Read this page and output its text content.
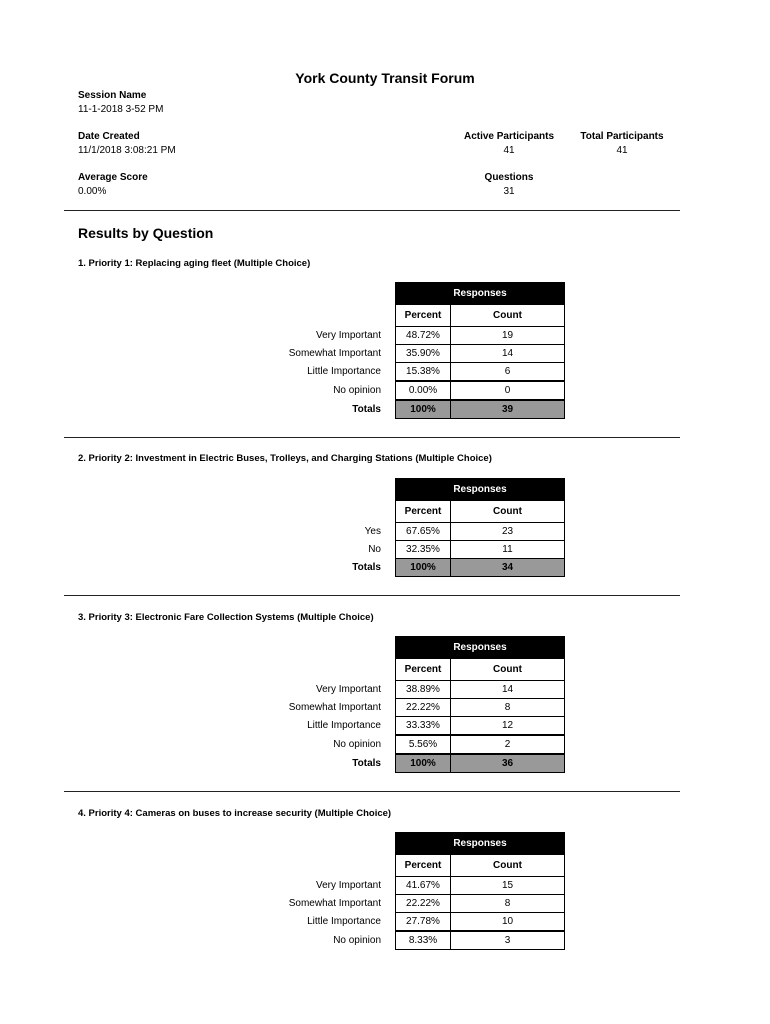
York County Transit Forum
Session Name
11-1-2018 3-52 PM
Date Created
11/1/2018 3:08:21 PM
Active Participants
41
Total Participants
41
Average Score
0.00%
Questions
31
Results by Question
1. Priority 1: Replacing aging fleet (Multiple Choice)
Responses
Percent	Count
Very Important	48.72%	19
Somewhat Important	35.90%	14
Little Importance	15.38%	6
No opinion	0.00%	0
Totals	100%	39
2. Priority 2: Investment in Electric Buses, Trolleys, and Charging Stations (Multiple Choice)
Responses
Percent	Count
Yes	67.65%	23
No	32.35%	11
Totals	100%	34
3. Priority 3: Electronic Fare Collection Systems (Multiple Choice)
Responses
Percent	Count
Very Important	38.89%	14
Somewhat Important	22.22%	8
Little Importance	33.33%	12
No opinion	5.56%	2
Totals	100%	36
4. Priority 4: Cameras on buses to increase security (Multiple Choice)
Responses
Percent	Count
Very Important	41.67%	15
Somewhat Important	22.22%	8
Little Importance	27.78%	10
No opinion	8.33%	3
